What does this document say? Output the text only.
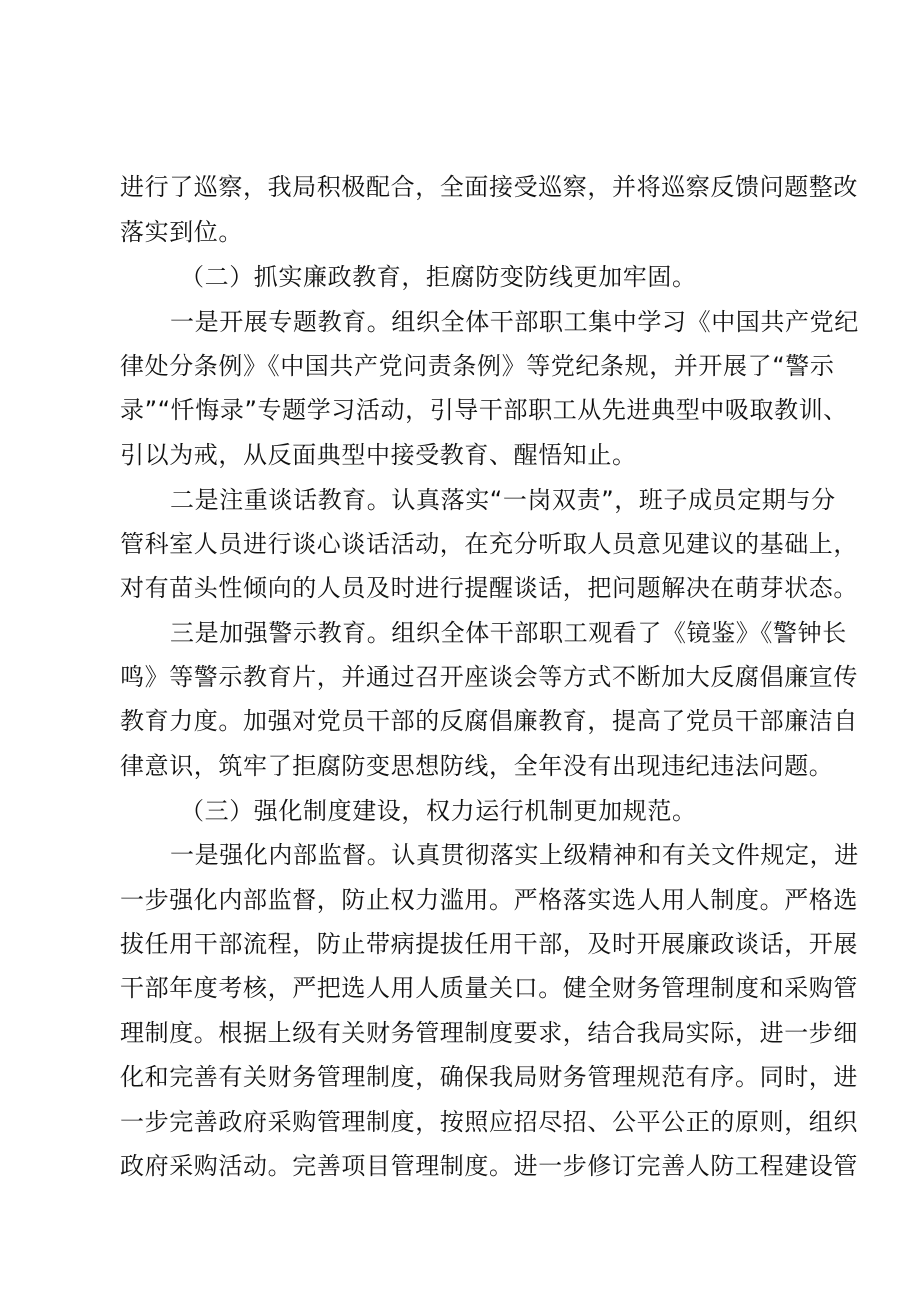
进行了巡察，我局积极配合，全面接受巡察，并将巡察反馈问题整改
落实到位。
（二）抓实廉政教育，拒腐防变防线更加牢固。
一是开展专题教育。组织全体干部职工集中学习《中国共产党纪
律处分条例》《中国共产党问责条例》等党纪条规，并开展了“警示
录”“忏悔录”专题学习活动，引导干部职工从先进典型中吸取教训、
引以为戒，从反面典型中接受教育、醒悟知止。
二是注重谈话教育。认真落实“一岗双责”，班子成员定期与分
管科室人员进行谈心谈话活动，在充分听取人员意见建议的基础上，
对有苗头性倾向的人员及时进行提醒谈话，把问题解决在萌芽状态。
三是加强警示教育。组织全体干部职工观看了《镜鉴》《警钟长
鸣》等警示教育片，并通过召开座谈会等方式不断加大反腐倡廉宣传
教育力度。加强对党员干部的反腐倡廉教育，提高了党员干部廉洁自
律意识，筑牢了拒腐防变思想防线，全年没有出现违纪违法问题。
（三）强化制度建设，权力运行机制更加规范。
一是强化内部监督。认真贯彻落实上级精神和有关文件规定，进
一步强化内部监督，防止权力滥用。严格落实选人用人制度。严格选
拔任用干部流程，防止带病提拔任用干部，及时开展廉政谈话，开展
干部年度考核，严把选人用人质量关口。健全财务管理制度和采购管
理制度。根据上级有关财务管理制度要求，结合我局实际，进一步细
化和完善有关财务管理制度，确保我局财务管理规范有序。同时，进
一步完善政府采购管理制度，按照应招尽招、公平公正的原则，组织
政府采购活动。完善项目管理制度。进一步修订完善人防工程建设管
